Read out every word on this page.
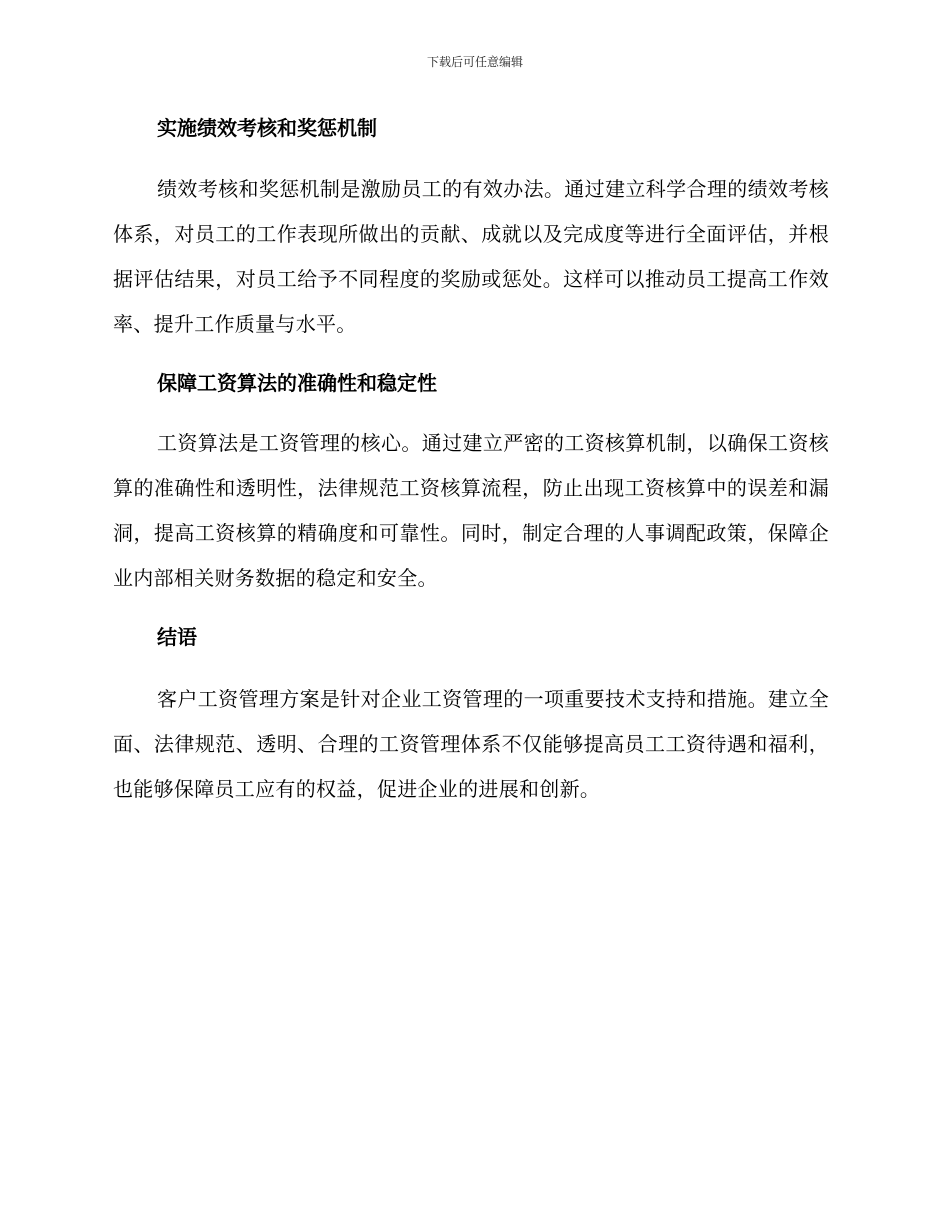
下载后可任意编辑
实施绩效考核和奖惩机制

绩效考核和奖惩机制是激励员工的有效办法。通过建立科学合理的绩效考核体系，对员工的工作表现所做出的贡献、成就以及完成度等进行全面评估，并根据评估结果，对员工给予不同程度的奖励或惩处。这样可以推动员工提高工作效率、提升工作质量与水平。

保障工资算法的准确性和稳定性

工资算法是工资管理的核心。通过建立严密的工资核算机制，以确保工资核算的准确性和透明性，法律规范工资核算流程，防止出现工资核算中的误差和漏洞，提高工资核算的精确度和可靠性。同时，制定合理的人事调配政策，保障企业内部相关财务数据的稳定和安全。

结语

客户工资管理方案是针对企业工资管理的一项重要技术支持和措施。建立全面、法律规范、透明、合理的工资管理体系不仅能够提高员工工资待遇和福利，也能够保障员工应有的权益，促进企业的进展和创新。
